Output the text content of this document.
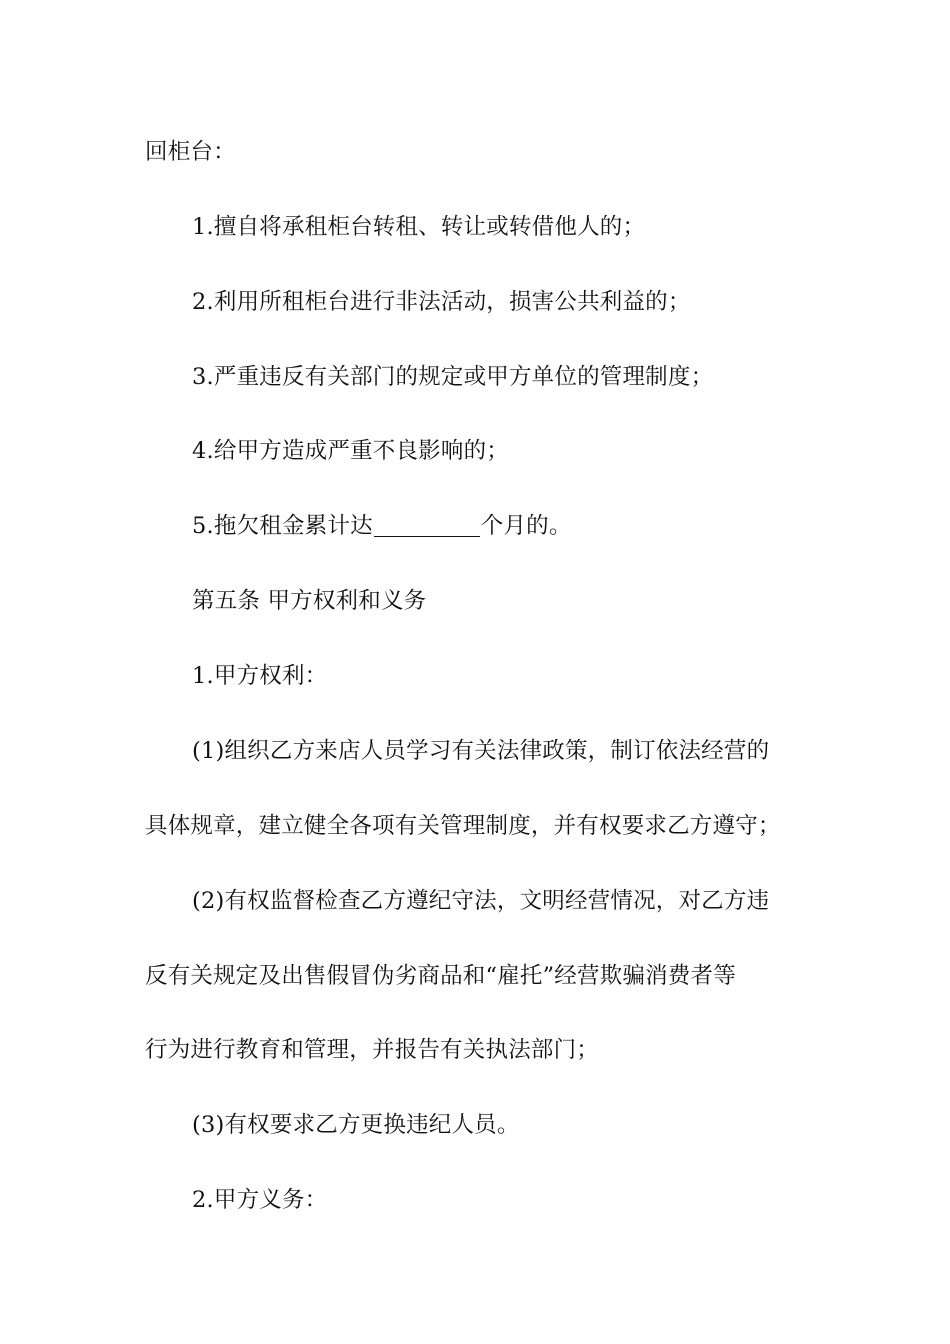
回柜台：
1.擅自将承租柜台转租、转让或转借他人的；
2.利用所租柜台进行非法活动，损害公共利益的；
3.严重违反有关部门的规定或甲方单位的管理制度；
4.给甲方造成严重不良影响的；
5.拖欠租金累计达	个月的。
第五条 甲方权利和义务
1.甲方权利：
(1)组织乙方来店人员学习有关法律政策，制订依法经营的
具体规章，建立健全各项有关管理制度，并有权要求乙方遵守；
(2)有权监督检查乙方遵纪守法，文明经营情况，对乙方违
反有关规定及出售假冒伪劣商品和“雇托”经营欺骗消费者等
行为进行教育和管理，并报告有关执法部门；
(3)有权要求乙方更换违纪人员。
2.甲方义务：
